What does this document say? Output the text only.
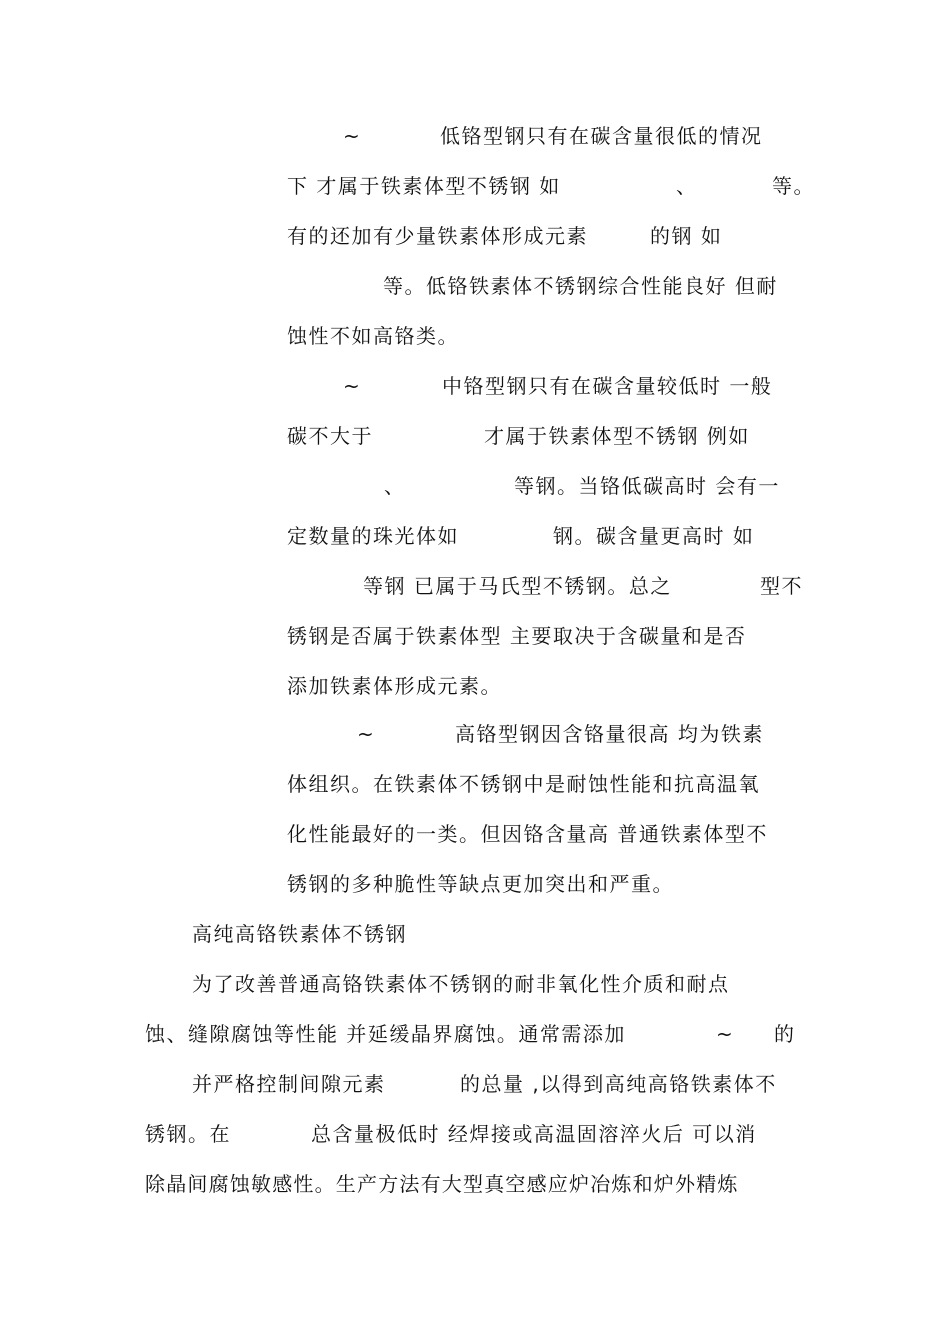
~	低铬型钢只有在碳含量很低的情况
下 才属于铁素体型不锈钢 如	、	等。
有的还加有少量铁素体形成元素	的钢 如
等。低铬铁素体不锈钢综合性能良好 但耐
蚀性不如高铬类。
~	中铬型钢只有在碳含量较低时 一般
碳不大于	才属于铁素体型不锈钢 例如
、	等钢。当铬低碳高时 会有一
定数量的珠光体如	钢。碳含量更高时 如
等钢 已属于马氏型不锈钢。总之	型不
锈钢是否属于铁素体型 主要取决于含碳量和是否
添加铁素体形成元素。
~	高铬型钢因含铬量很高 均为铁素
体组织。在铁素体不锈钢中是耐蚀性能和抗高温氧
化性能最好的一类。但因铬含量高 普通铁素体型不
锈钢的多种脆性等缺点更加突出和严重。
高纯高铬铁素体不锈钢
为了改善普通高铬铁素体不锈钢的耐非氧化性介质和耐点
蚀、缝隙腐蚀等性能 并延缓晶界腐蚀。通常需添加	~ 的
并严格控制间隙元素	的总量 ,以得到高纯高铬铁素体不
锈钢。在	总含量极低时 经焊接或高温固溶淬火后 可以消
除晶间腐蚀敏感性。生产方法有大型真空感应炉冶炼和炉外精炼
